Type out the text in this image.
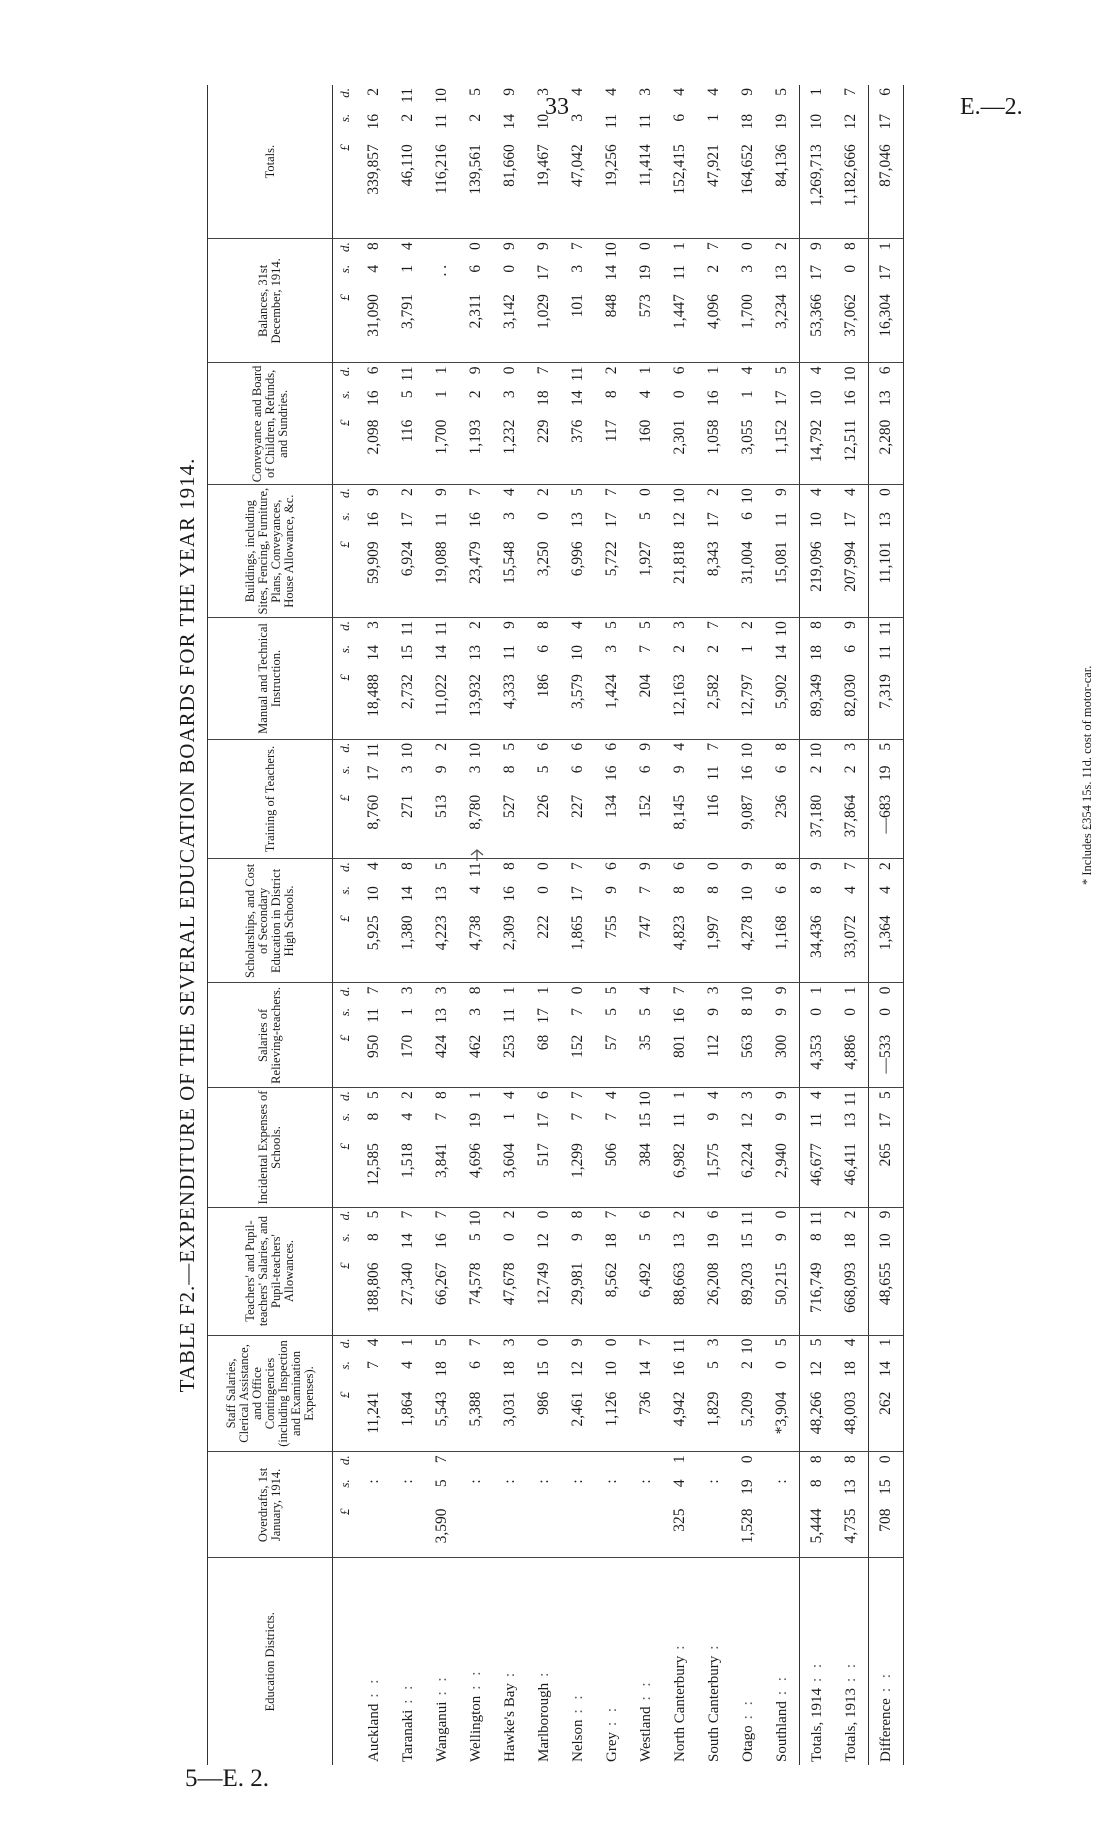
33	E.—2.
5—E. 2.
TABLE F2.—EXPENDITURE OF THE SEVERAL EDUCATION BOARDS FOR THE YEAR 1914.
Education Districts.	Overdrafts, 1st January, 1914.			Staff Salaries, Clerical Assistance, and Office Contingencies (including Inspection and Examination Expenses).			Teachers' and Pupil-teachers' Salaries, and Pupil-teachers' Allowances.			Incidental Expenses of Schools.			Salaries of Relieving-teachers.			Scholarships, and Cost of Secondary Education in District High Schools.			Training of Teachers.			Manual and Technical Instruction.			Buildings, including Sites, Fencing, Furniture, Plans, Conveyances, House Allowance, &c.			Conveyance and Board of Children, Refunds, and Sundries.			Balances, 31st December, 1914.			Totals.		
	£	s.	d.	£	s.	d.	£	s.	d.	£	s.	d.	£	s.	d.	£	s.	d.	£	s.	d.	£	s.	d.	£	s.	d.	£	s.	d.	£	s.	d.	£	s.	d.
Auckland: :		:		11,241	7	4	188,806	8	5	12,585	8	5	950	11	7	5,925	10	4	8,760	17	11	18,488	14	3	59,909	16	9	2,098	16	6	31,090	4	8	339,857	16	2
Taranaki: :		:		1,864	4	1	27,340	14	7	1,518	4	2	170	1	3	1,380	14	8	271	3	10	2,732	15	11	6,924	17	2	116	5	11	3,791	1	4	46,110	2	11
Wanganui: :	3,590	5	7	5,543	18	5	66,267	16	7	3,841	7	8	424	13	3	4,223	13	5	513	9	2	11,022	14	11	19,088	11	9	1,700	1	1		. .		116,216	11	10
Wellington: :		:		5,388	6	7	74,578	5	10	4,696	19	1	462	3	8	4,738	4	11	8,780	3	10	13,932	13	2	23,479	16	7	1,193	2	9	2,311	6	0	139,561	2	5
Hawke's Bay:		:		3,031	18	3	47,678	0	2	3,604	1	4	253	11	1	2,309	16	8	527	8	5	4,333	11	9	15,548	3	4	1,232	3	0	3,142	0	9	81,660	14	9
Marlborough:		:		986	15	0	12,749	12	0	517	17	6	68	17	1	222	0	0	226	5	6	186	6	8	3,250	0	2	229	18	7	1,029	17	9	19,467	10	3
Nelson: :		:		2,461	12	9	29,981	9	8	1,299	7	7	152	7	0	1,865	17	7	227	6	6	3,579	10	4	6,996	13	5	376	14	11	101	3	7	47,042	3	4
Grey: :		:		1,126	10	0	8,562	18	7	506	7	4	57	5	5	755	9	6	134	16	6	1,424	3	5	5,722	17	7	117	8	2	848	14	10	19,256	11	4
Westland: :		:		736	14	7	6,492	5	6	384	15	10	35	5	4	747	7	9	152	6	9	204	7	5	1,927	5	0	160	4	1	573	19	0	11,414	11	3
North Canterbury:	325	4	1	4,942	16	11	88,663	13	2	6,982	11	1	801	16	7	4,823	8	6	8,145	9	4	12,163	2	3	21,818	12	10	2,301	0	6	1,447	11	1	152,415	6	4
South Canterbury:		:		1,829	5	3	26,208	19	6	1,575	9	4	112	9	3	1,997	8	0	116	11	7	2,582	2	7	8,343	17	2	1,058	16	1	4,096	2	7	47,921	1	4
Otago: :	1,528	19	0	5,209	2	10	89,203	15	11	6,224	12	3	563	8	10	4,278	10	9	9,087	16	10	12,797	1	2	31,004	6	10	3,055	1	4	1,700	3	0	164,652	18	9
Southland: :		:		*3,904	0	5	50,215	9	0	2,940	9	9	300	9	9	1,168	6	8	236	6	8	5,902	14	10	15,081	11	9	1,152	17	5	3,234	13	2	84,136	19	5
Totals, 1914: :	5,444	8	8	48,266	12	5	716,749	8	11	46,677	11	4	4,353	0	1	34,436	8	9	37,180	2	10	89,349	18	8	219,096	10	4	14,792	10	4	53,366	17	9	1,269,713	10	1
Totals, 1913: :	4,735	13	8	48,003	18	4	668,093	18	2	46,411	13	11	4,886	0	1	33,072	4	7	37,864	2	3	82,030	6	9	207,994	17	4	12,511	16	10	37,062	0	8	1,182,666	12	7
Difference: :	708	15	0	262	14	1	48,655	10	9	265	17	5	—533	0	0	1,364	4	2	—683	19	5	7,319	11	11	11,101	13	0	2,280	13	6	16,304	17	1	87,046	17	6
* Includes £354 15s. 11d. cost of motor-car.
